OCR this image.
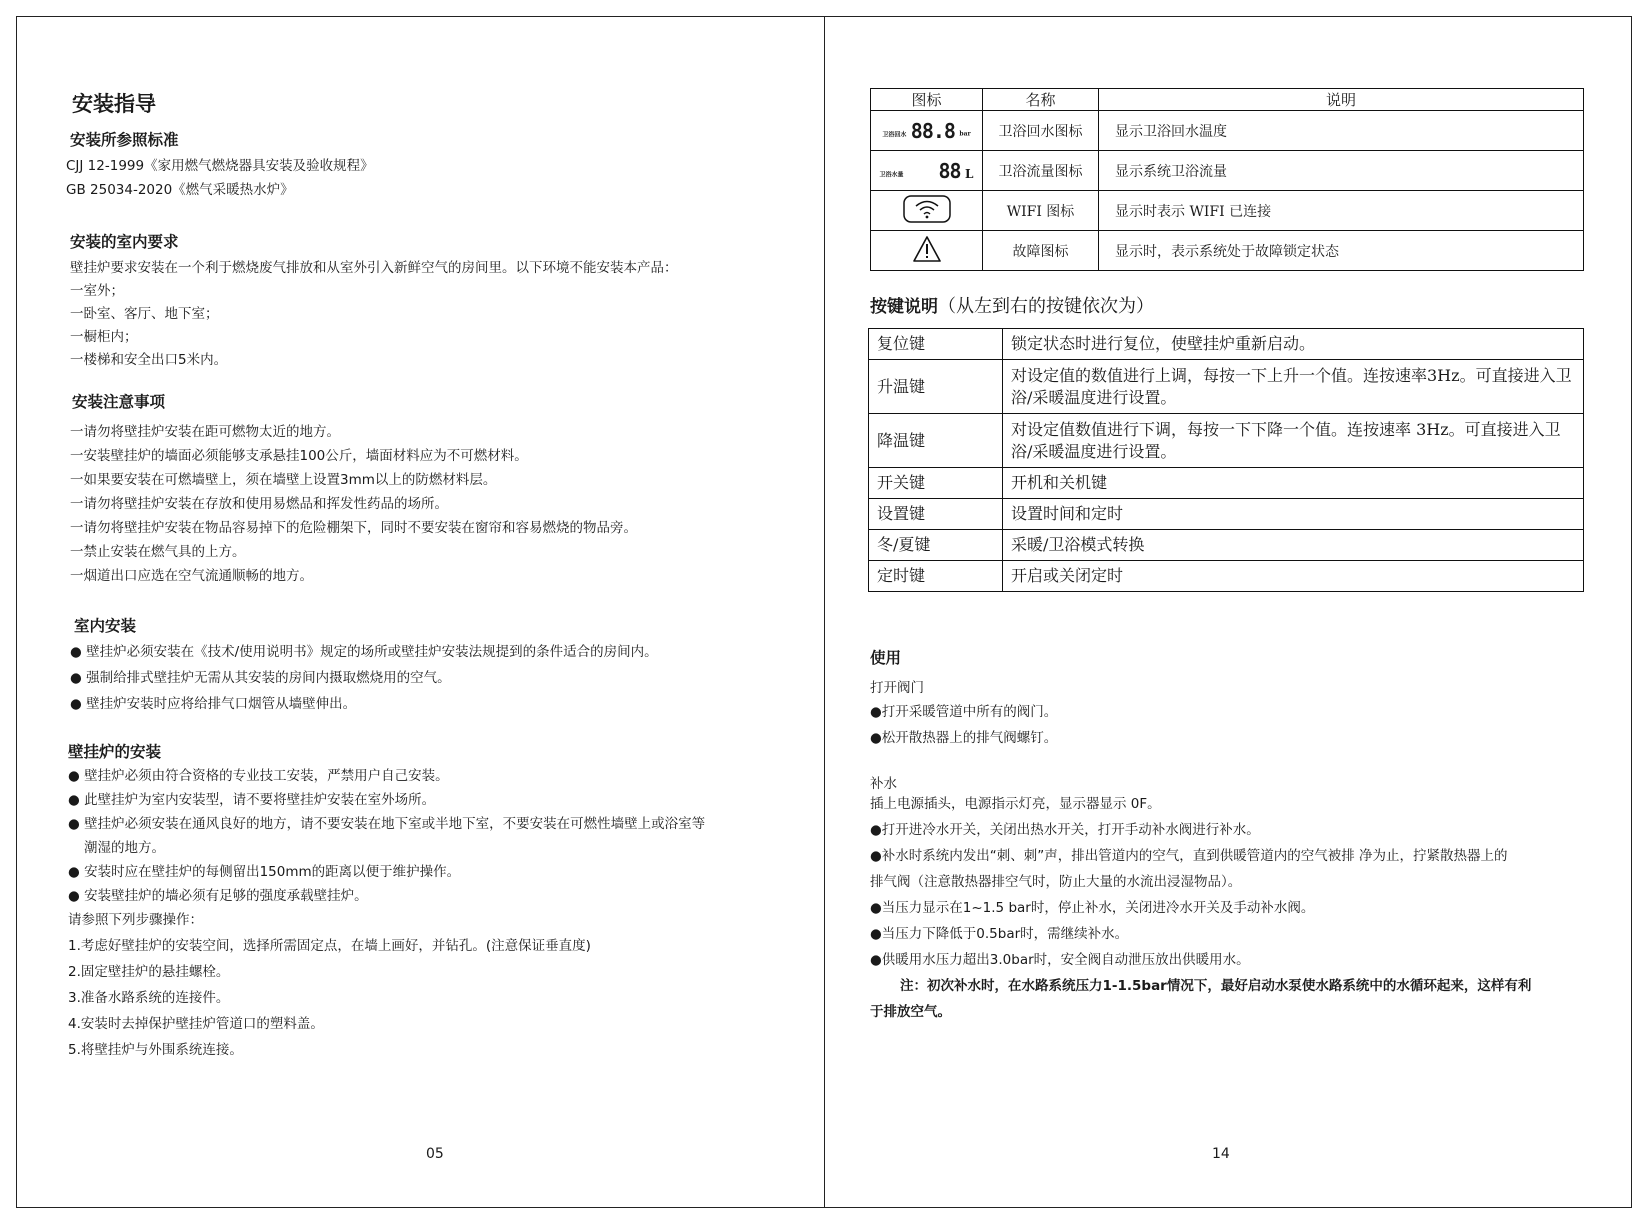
安装指导
安装所参照标准
CJJ 12-1999《家用燃气燃烧器具安装及验收规程》
GB 25034-2020《燃气采暖热水炉》
安装的室内要求
壁挂炉要求安装在一个利于燃烧废气排放和从室外引入新鲜空气的房间里。以下环境不能安装本产品：
一室外；
一卧室、客厅、地下室；
一橱柜内；
一楼梯和安全出口5米内。
安装注意事项
一请勿将壁挂炉安装在距可燃物太近的地方。
一安装壁挂炉的墙面必须能够支承悬挂100公斤，墙面材料应为不可燃材料。
一如果要安装在可燃墙壁上，须在墙壁上设置3mm以上的防燃材料层。
一请勿将壁挂炉安装在存放和使用易燃品和挥发性药品的场所。
一请勿将壁挂炉安装在物品容易掉下的危险棚架下，同时不要安装在窗帘和容易燃烧的物品旁。
一禁止安装在燃气具的上方。
一烟道出口应选在空气流通顺畅的地方。
室内安装
● 壁挂炉必须安装在《技术/使用说明书》规定的场所或壁挂炉安装法规提到的条件适合的房间内。
● 强制给排式壁挂炉无需从其安装的房间内摄取燃烧用的空气。
● 壁挂炉安装时应将给排气口烟管从墙壁伸出。
壁挂炉的安装
● 壁挂炉必须由符合资格的专业技工安装，严禁用户自己安装。
● 此壁挂炉为室内安装型，请不要将壁挂炉安装在室外场所。
● 壁挂炉必须安装在通风良好的地方，请不要安装在地下室或半地下室，不要安装在可燃性墙壁上或浴室等
潮湿的地方。
● 安装时应在壁挂炉的每侧留出150mm的距离以便于维护操作。
● 安装壁挂炉的墙必须有足够的强度承载壁挂炉。
请参照下列步骤操作：
1.考虑好壁挂炉的安装空间，选择所需固定点，在墙上画好，并钻孔。(注意保证垂直度)
2.固定壁挂炉的悬挂螺栓。
3.准备水路系统的连接件。
4.安装时去掉保护壁挂炉管道口的塑料盖。
5.将壁挂炉与外围系统连接。
05
图标	名称	说明
卫浴回水 88.8 bar	卫浴回水图标	显示卫浴回水温度
卫浴水量 88 L	卫浴流量图标	显示系统卫浴流量
	WIFI 图标	显示时表示 WIFI 已连接
	故障图标	显示时，表示系统处于故障锁定状态
按键说明（从左到右的按键依次为）
复位键	锁定状态时进行复位，使壁挂炉重新启动。
升温键	对设定值的数值进行上调，每按一下上升一个值。连按速率3Hz。可直接进入卫浴/采暖温度进行设置。
降温键	对设定值数值进行下调，每按一下下降一个值。连按速率 3Hz。可直接进入卫浴/采暖温度进行设置。
开关键	开机和关机键
设置键	设置时间和定时
冬/夏键	采暖/卫浴模式转换
定时键	开启或关闭定时
使用
打开阀门
●打开采暖管道中所有的阀门。
●松开散热器上的排气阀螺钉。
补水
插上电源插头，电源指示灯亮，显示器显示 0F。
●打开进冷水开关，关闭出热水开关，打开手动补水阀进行补水。
●补水时系统内发出“刺、刺”声，排出管道内的空气，直到供暖管道内的空气被排 净为止，拧紧散热器上的
排气阀（注意散热器排空气时，防止大量的水流出浸湿物品）。
●当压力显示在1~1.5 bar时，停止补水，关闭进冷水开关及手动补水阀。
●当压力下降低于0.5bar时，需继续补水。
●供暖用水压力超出3.0bar时，安全阀自动泄压放出供暖用水。
注：初次补水时，在水路系统压力1-1.5bar情况下，最好启动水泵使水路系统中的水循环起来，这样有利
于排放空气。
14
